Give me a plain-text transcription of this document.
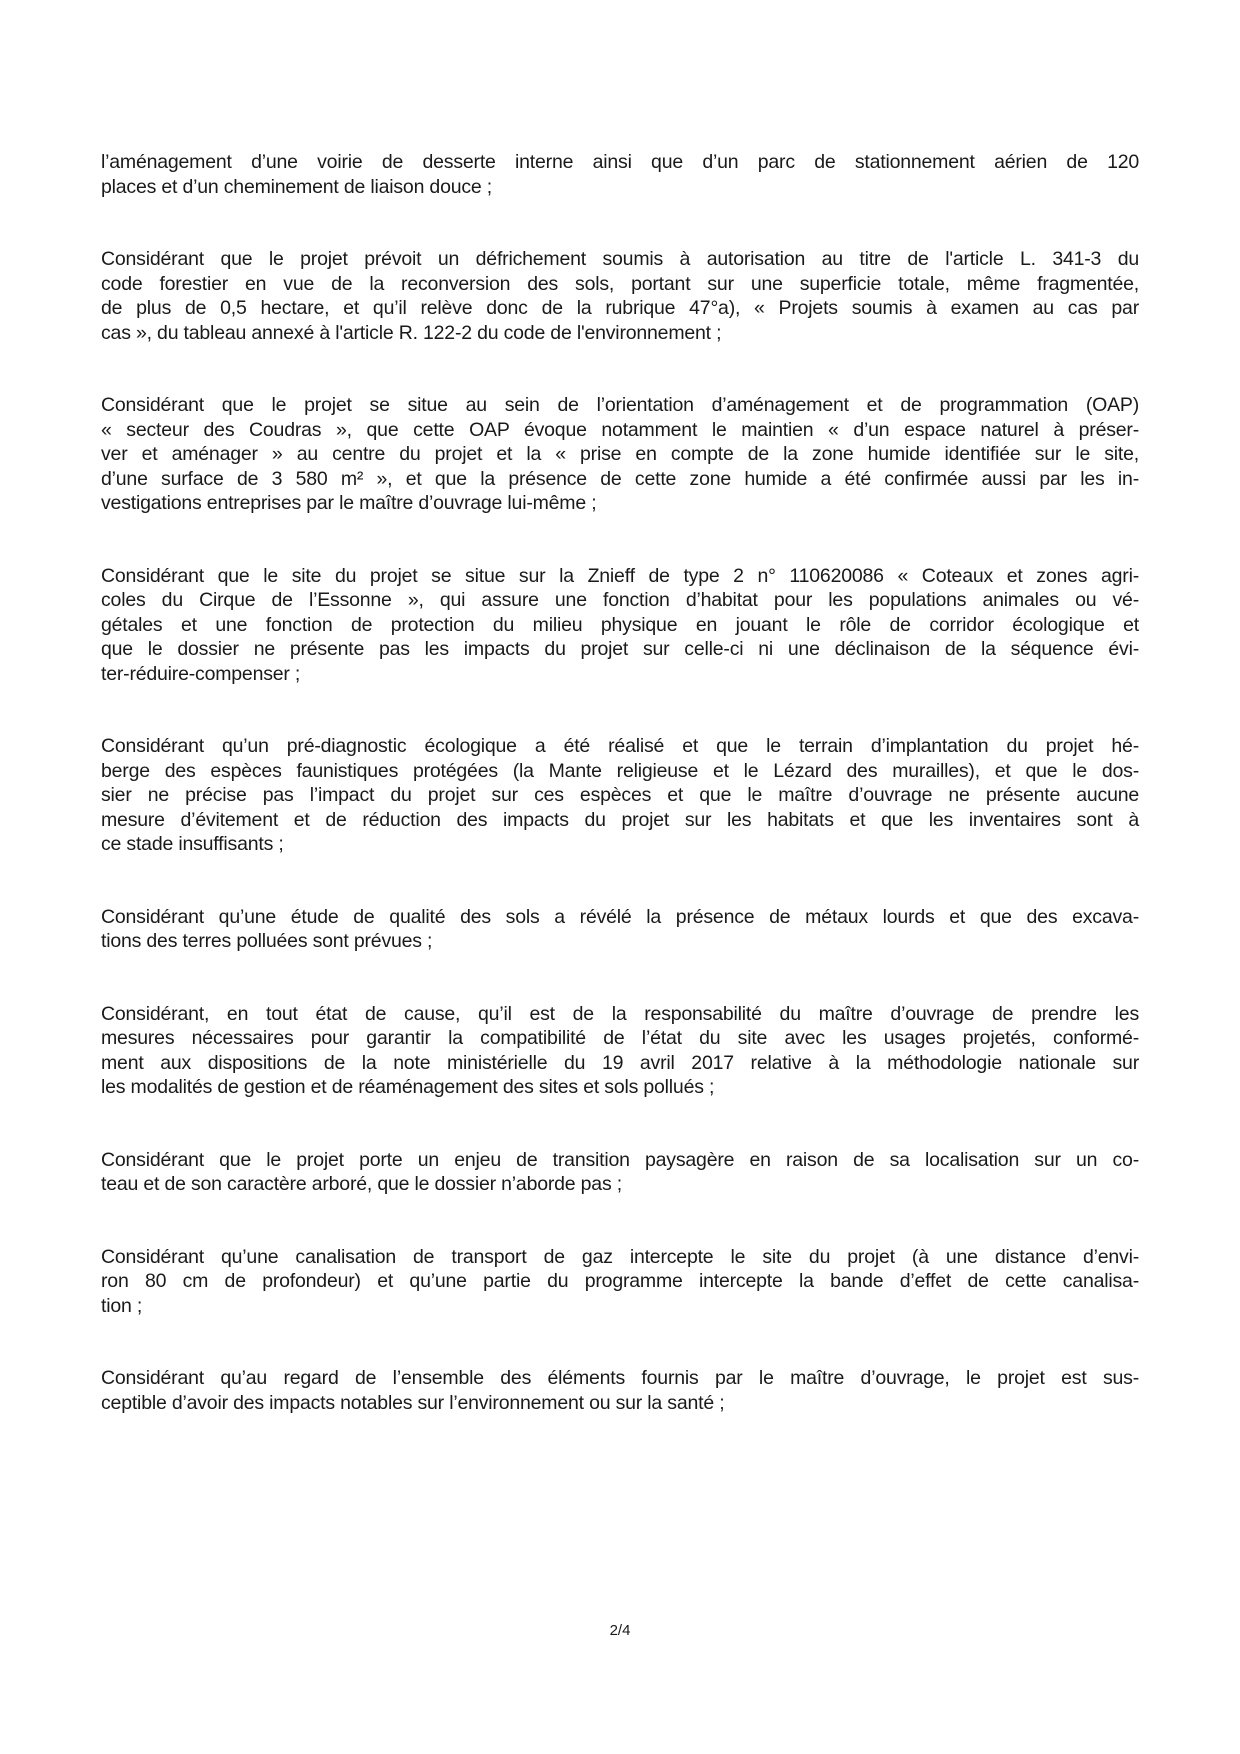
l’aménagement d’une voirie de desserte interne ainsi que d’un parc de stationnement aérien de 120
places et d’un cheminement de liaison douce ;

Considérant que le projet prévoit un défrichement soumis à autorisation au titre de l'article L. 341-3 du
code forestier en vue de la reconversion des sols, portant sur une superficie totale, même fragmentée,
de plus de 0,5 hectare, et qu’il relève donc de la rubrique 47°a), « Projets soumis à examen au cas par
cas », du tableau annexé à l'article R. 122-2 du code de l'environnement ;

Considérant que le projet se situe au sein de l’orientation d’aménagement et de programmation (OAP)
« secteur des Coudras », que cette OAP évoque notamment le maintien « d’un espace naturel à préser-
ver et aménager » au centre du projet et la « prise en compte de la zone humide identifiée sur le site,
d’une surface de 3 580 m² », et que la présence de cette zone humide a été confirmée aussi par les in-
vestigations entreprises par le maître d’ouvrage lui-même ;

Considérant que le site du projet se situe sur la Znieff de type 2 n° 110620086 « Coteaux et zones agri-
coles du Cirque de l’Essonne », qui assure une fonction d’habitat pour les populations animales ou vé-
gétales et une fonction de protection du milieu physique en jouant le rôle de corridor écologique et
que le dossier ne présente pas les impacts du projet sur celle-ci ni une déclinaison de la séquence évi-
ter-réduire-compenser ;

Considérant qu’un pré-diagnostic écologique a été réalisé et que le terrain d’implantation du projet hé-
berge des espèces faunistiques protégées (la Mante religieuse et le Lézard des murailles), et que le dos-
sier ne précise pas l’impact du projet sur ces espèces et que le maître d’ouvrage ne présente aucune
mesure d’évitement et de réduction des impacts du projet sur les habitats et que les inventaires sont à
ce stade insuffisants ;

Considérant qu’une étude de qualité des sols a révélé la présence de métaux lourds et que des excava-
tions des terres polluées sont prévues ;

Considérant, en tout état de cause, qu’il est de la responsabilité du maître d’ouvrage de prendre les
mesures nécessaires pour garantir la compatibilité de l’état du site avec les usages projetés, conformé-
ment aux dispositions de la note ministérielle du 19 avril 2017 relative à la méthodologie nationale sur
les modalités de gestion et de réaménagement des sites et sols pollués ;

Considérant que le projet porte un enjeu de transition paysagère en raison de sa localisation sur un co-
teau et de son caractère arboré, que le dossier n’aborde pas ;

Considérant qu’une canalisation de transport de gaz intercepte le site du projet (à une distance d’envi-
ron 80 cm de profondeur) et qu’une partie du programme intercepte la bande d’effet de cette canalisa-
tion ;

Considérant qu’au regard de l’ensemble des éléments fournis par le maître d’ouvrage, le projet est sus-
ceptible d’avoir des impacts notables sur l’environnement ou sur la santé ;

2/4
